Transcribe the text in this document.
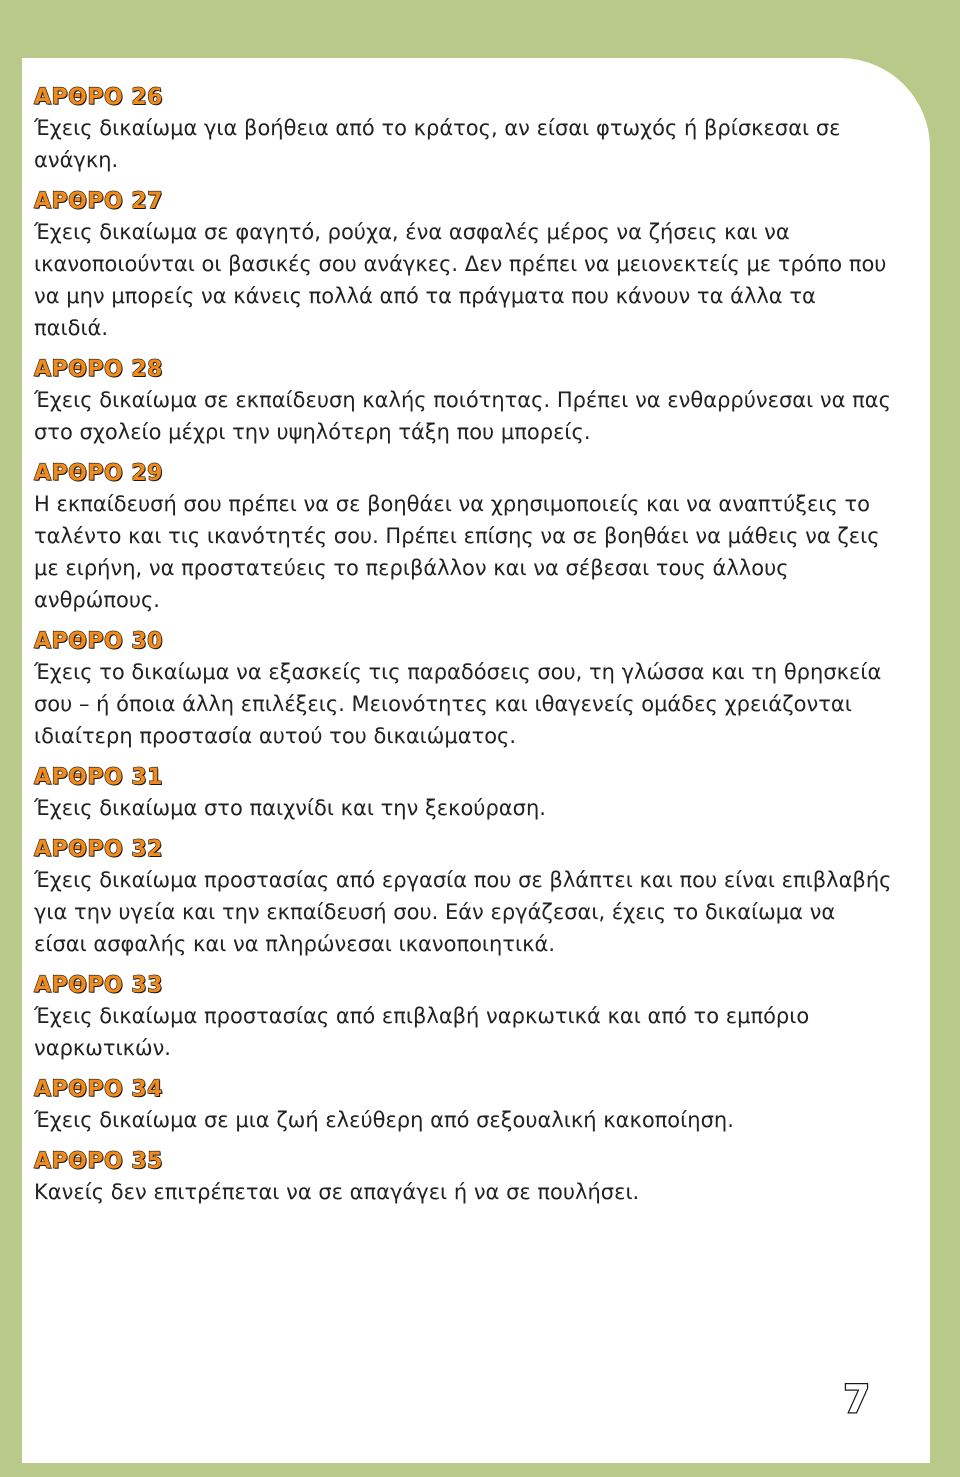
ΑΡΘΡΟ 26

Έχεις δικαίωμα για βοήθεια από το κράτος, αν είσαι φτωχός ή βρίσκεσαι σε ανάγκη.

ΑΡΘΡΟ 27

Έχεις δικαίωμα σε φαγητό, ρούχα, ένα ασφαλές μέρος να ζήσεις και να ικανοποιούνται οι βασικές σου ανάγκες. Δεν πρέπει να μειονεκτείς με τρόπο που να μην μπορείς να κάνεις πολλά από τα πράγματα που κάνουν τα άλλα τα παιδιά.

ΑΡΘΡΟ 28

Έχεις δικαίωμα σε εκπαίδευση καλής ποιότητας. Πρέπει να ενθαρρύνεσαι να πας στο σχολείο μέχρι την υψηλότερη τάξη που μπορείς.

ΑΡΘΡΟ 29

Η εκπαίδευσή σου πρέπει να σε βοηθάει να χρησιμοποιείς και να αναπτύξεις το ταλέντο και τις ικανότητές σου. Πρέπει επίσης να σε βοηθάει να μάθεις να ζεις με ειρήνη, να προστατεύεις το περιβάλλον και να σέβεσαι τους άλλους ανθρώπους.

ΑΡΘΡΟ 30

Έχεις το δικαίωμα να εξασκείς τις παραδόσεις σου, τη γλώσσα και τη θρησκεία σου – ή όποια άλλη επιλέξεις. Μειονότητες και ιθαγενείς ομάδες χρειάζονται ιδιαίτερη προστασία αυτού του δικαιώματος.

ΑΡΘΡΟ 31

Έχεις δικαίωμα στο παιχνίδι και την ξεκούραση.

ΑΡΘΡΟ 32

Έχεις δικαίωμα προστασίας από εργασία που σε βλάπτει και που είναι επιβλαβής για την υγεία και την εκπαίδευσή σου. Εάν εργάζεσαι, έχεις το δικαίωμα να είσαι ασφαλής και να πληρώνεσαι ικανοποιητικά.

ΑΡΘΡΟ 33

Έχεις δικαίωμα προστασίας από επιβλαβή ναρκωτικά και από το εμπόριο ναρκωτικών.

ΑΡΘΡΟ 34

Έχεις δικαίωμα σε μια ζωή ελεύθερη από σεξουαλική κακοποίηση.

ΑΡΘΡΟ 35

Κανείς δεν επιτρέπεται να σε απαγάγει ή να σε πουλήσει.

7
